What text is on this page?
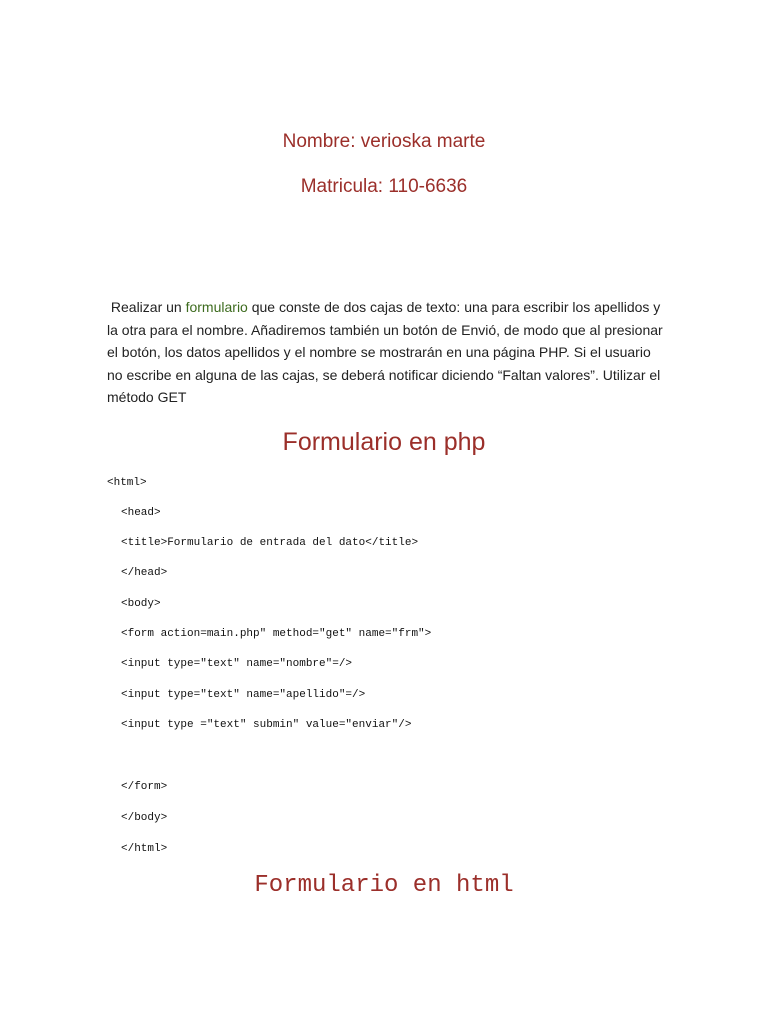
Nombre: verioska marte
Matricula: 110-6636
Realizar un formulario que conste de dos cajas de texto: una para escribir los apellidos y la otra para el nombre. Añadiremos también un botón de Envió, de modo que al presionar el botón, los datos apellidos y el nombre se mostrarán en una página PHP. Si el usuario no escribe en alguna de las cajas, se deberá notificar diciendo “Faltan valores”. Utilizar el método GET
Formulario en php
<html>
<head>
<title>Formulario de entrada del dato</title>
</head>
<body>
<form action=main.php" method="get" name="frm">
<input type="text" name="nombre"=/>
<input type="text" name="apellido"=/>
<input type ="text" submin" value="enviar"/>
</form>
</body>
</html>
Formulario en html
